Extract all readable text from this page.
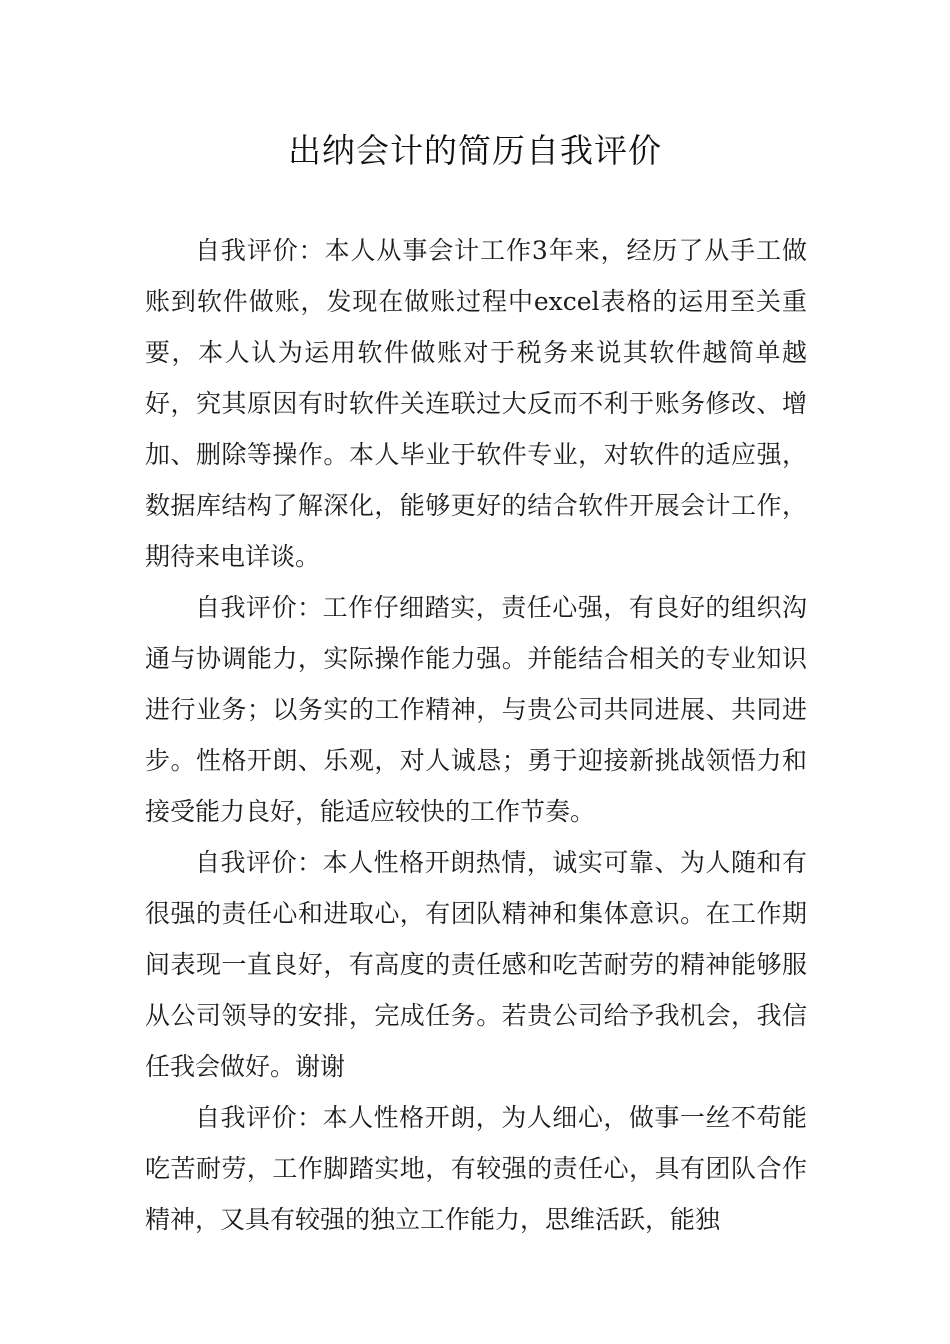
出纳会计的简历自我评价

自我评价：本人从事会计工作3年来，经历了从手工做账到软件做账，发现在做账过程中excel表格的运用至关重要，本人认为运用软件做账对于税务来说其软件越简单越好，究其原因有时软件关连联过大反而不利于账务修改、增加、删除等操作。本人毕业于软件专业，对软件的适应强，数据库结构了解深化，能够更好的结合软件开展会计工作，期待来电详谈。

自我评价：工作仔细踏实，责任心强，有良好的组织沟通与协调能力，实际操作能力强。并能结合相关的专业知识进行业务；以务实的工作精神，与贵公司共同进展、共同进步。性格开朗、乐观，对人诚恳；勇于迎接新挑战领悟力和接受能力良好，能适应较快的工作节奏。

自我评价：本人性格开朗热情，诚实可靠、为人随和有很强的责任心和进取心，有团队精神和集体意识。在工作期间表现一直良好，有高度的责任感和吃苦耐劳的精神能够服从公司领导的安排，完成任务。若贵公司给予我机会，我信任我会做好。谢谢

自我评价：本人性格开朗，为人细心，做事一丝不苟能吃苦耐劳，工作脚踏实地，有较强的责任心，具有团队合作精神，又具有较强的独立工作能力，思维活跃，能独
